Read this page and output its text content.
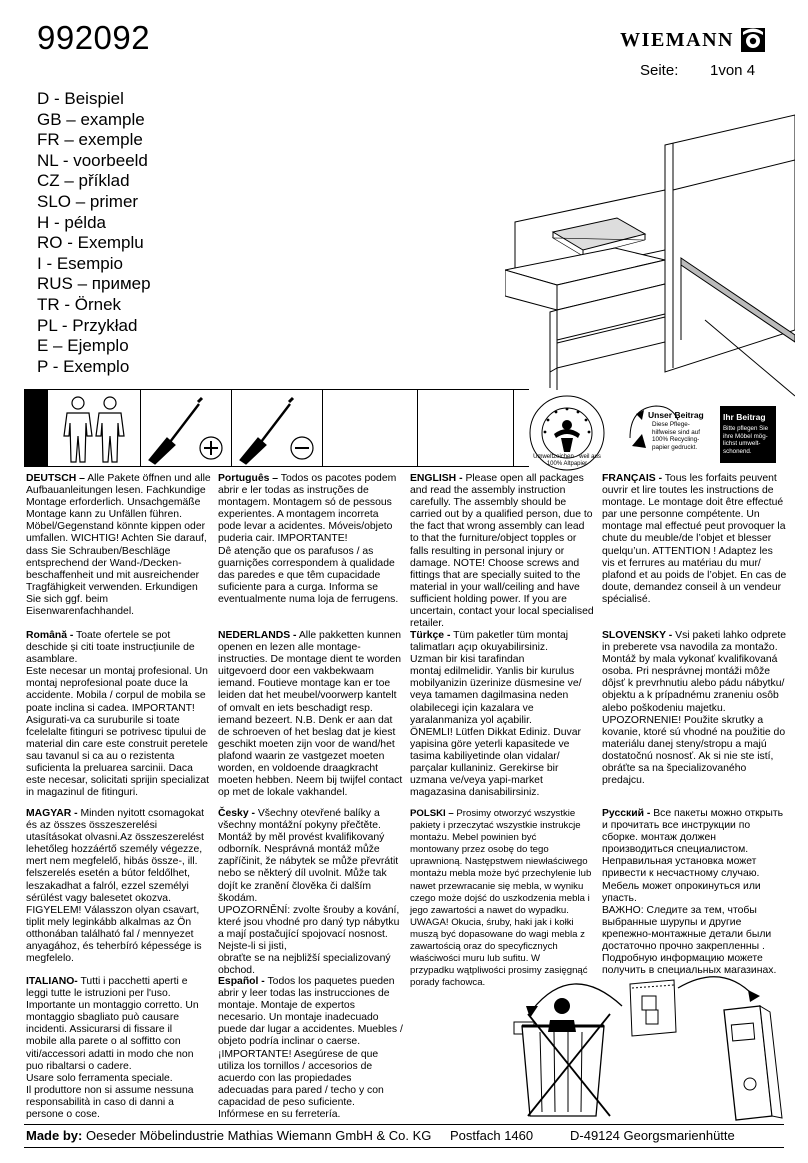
992092	WIEMANN
Seite:	1von 4
D - Beispiel
GB – example
FR – exemple
NL - voorbeeld
CZ – příklad
SLO – primer
H - példa
RO - Exemplu
I - Esempio
RUS – пример
TR - Örnek
PL - Przykład
E – Ejemplo
P - Exemplo
Umweltzeichen · weil aus 100% Altpapier
Unser Beitrag
Diese Pflege-
hilfweise sind auf
100% Recycling-
papier gedruckt.
Ihr Beitrag
Bitte pflegen Sie
ihre Möbel mög-
lichst umwelt-
schonend.
DEUTSCH – Alle Pakete öffnen und alle
Aufbauanleitungen lesen. Fachkundige
Montage erforderlich. Unsachgemäße
Montage kann zu Unfällen führen.
Möbel/Gegenstand könnte kippen oder
umfallen. WICHTIG! Achten Sie darauf,
dass Sie Schrauben/Beschläge
entsprechend der Wand-/Decken-
beschaffenheit und mit ausreichender
Tragfähigkeit verwenden. Erkundigen
Sie sich ggf. beim
Eisenwarenfachhandel.
Română - Toate ofertele se pot
deschide și citi toate instrucțiunile de
asamblare.
Este necesar un montaj profesional. Un
montaj neprofesional poate duce la
accidente. Mobila / corpul de mobila se
poate inclina si cadea. IMPORTANT!
Asigurati-va ca suruburile si toate
fcelelalte fitinguri se potrivesc tipului de
material din care este construit peretele
sau tavanul si ca au o rezistenta
suficienta la preluarea sarcinii. Daca
este necesar, solicitati sprijin specializat
in magazinul de fitinguri.
MAGYAR - Minden nyitott csomagokat
és az összes összeszerelési
utasításokat olvasni.Az összeszerelést
lehetőleg hozzáértő személy végezze,
mert nem megfelelő, hibás össze-, ill.
felszerelés esetén a bútor feldőlhet,
leszakadhat a falról, ezzel személyi
sérülést vagy balesetet okozva.
FIGYELEM! Válasszon olyan csavart,
tiplit mely leginkább alkalmas az Ön
otthonában található fal / mennyezet
anyagához, és teherbíró képessége is
megfelelo.
ITALIANO- Tutti i pacchetti aperti e
leggi tutte le istruzioni per l'uso.
Importante un montaggio corretto. Un
montaggio sbagliato può causare
incidenti. Assicurarsi di fissare il
mobile alla parete o al soffitto con
viti/accessori adatti in modo che non
puo ribaltarsi o cadere.
Usare solo ferramenta speciale.
Il produttore non si assume nessuna
responsabilità in caso di danni a
persone o cose.
Português – Todos os pacotes podem
abrir e ler todas as instruções de
montagem. Montagem só de pessous
experientes. A montagem incorreta
pode levar a acidentes. Móveis/objeto
puderia cair. IMPORTANTE!
Dê atenção que os parafusos / as
guarnições correspondem à qualidade
das paredes e que têm cupacidade
suficiente para a curga. Informa se
eventualmente numa loja de ferrugens.
NEDERLANDS - Alle pakketten kunnen
openen en lezen alle montage-
instructies. De montage dient te worden
uitgevoerd door een vakbekwaam
iemand. Foutieve montage kan er toe
leiden dat het meubel/voorwerp kantelt
of omvalt en iets beschadigt resp.
iemand bezeert. N.B. Denk er aan dat
de schroeven of het beslag dat je kiest
geschikt moeten zijn voor de wand/het
plafond waarin ze vastgezet moeten
worden, en voldoende draagkracht
moeten hebben. Neem bij twijfel contact
op met de lokale vakhandel.
Česky - Všechny otevřené balíky a
všechny montážní pokyny přečtěte.
Montáž by měl provést kvalifikovaný
odborník. Nesprávná montáž může
zapříčinit, že nábytek se může převrátit
nebo se některý díl uvolnit. Může tak
dojít ke zranění člověka či dalším
škodám.
UPOZORNĚNÍ: zvolte šrouby a kování,
které jsou vhodné pro daný typ nábytku
a mají postačující spojovací nosnost.
Nejste-li si jisti,
obraťte se na nejbližší specializovaný
obchod.
Español - Todos los paquetes pueden
abrir y leer todas las instrucciones de
montaje. Montaje de expertos
necesario. Un montaje inadecuado
puede dar lugar a accidentes. Muebles /
objeto podría inclinar o caerse.
¡IMPORTANTE! Asegúrese de que
utiliza los tornillos / accesorios de
acuerdo con las propiedades
adecuadas para pared / techo y con
capacidad de peso suficiente.
Infórmese en su ferretería.
ENGLISH - Please open all packages
and read the assembly instruction
carefully. The assembly should be
carried out by a qualified person, due to
the fact that wrong assembly can lead
to that the furniture/object topples or
falls resulting in personal injury or
damage. NOTE! Choose screws and
fittings that are specially suited to the
material in your wall/ceiling and have
sufficient holding power. If you are
uncertain, contact your local specialised
retailer.
Türkçe - Tüm paketler tüm montaj
talimatları açıp okuyabilirsiniz.
Uzman bir kisi tarafindan
montaj edilmelidir. Yanlis bir kurulus
mobilyanizin üzerinize düsmesine ve/
veya tamamen dagilmasina neden
olabilecegi için kazalara ve
yaralanmaniza yol açabilir.
ÖNEMLI! Lütfen Dikkat Ediniz. Duvar
yapisina göre yeterli kapasitede ve
tasima kabiliyetinde olan vidalar/
parçalar kullaniniz. Gerekirse bir
uzmana ve/veya yapi-market
magazasina danisabilirsiniz.
POLSKI – Prosimy otworzyć wszystkie
pakiety i przeczytać wszystkie instrukcje
montażu. Mebel powinien być
montowany przez osobę do tego
uprawnioną. Następstwem niewłaściwego
montażu mebla może być przechylenie lub
nawet przewracanie się mebla, w wyniku
czego może dojść do uszkodzenia mebla i
jego zawartości a nawet do wypadku.
UWAGA! Okucia, śruby, haki jak i kołki
muszą być dopasowane do wagi mebla z
zawartością oraz do specyficznych
właściwości muru lub sufitu. W
przypadku wątpliwości prosimy zasięgnąć
porady fachowca.
FRANÇAIS - Tous les forfaits peuvent
ouvrir et lire toutes les instructions de
montage. Le montage doit être effectué
par une personne compétente. Un
montage mal effectué peut provoquer la
chute du meuble/de l’objet et blesser
quelqu’un. ATTENTION ! Adaptez les
vis et ferrures au matériau du mur/
plafond et au poids de l’objet. En cas de
doute, demandez conseil à un vendeur
spécialisé.
SLOVENSKY - Vsi paketi lahko odprete
in preberete vsa navodila za montažo.
Montáž by mala vykonať kvalifikovaná
osoba. Pri nesprávnej montáži môže
dôjsť k prevrhnutiu alebo pádu nábytku/
objektu a k prípadnému zraneniu osôb
alebo poškodeniu majetku.
UPOZORNENIE! Použite skrutky a
kovanie, ktoré sú vhodné na použitie do
materiálu danej steny/stropu a majú
dostatočnú nosnosť. Ak si nie ste istí,
obráťte sa na špecializovaného
predajcu.
Русский - Все пакеты можно открыть
и прочитать все инструкции по
сборке. монтаж должен
производиться специалистом.
Неправильная установка может
привести к несчастному случаю.
Мебель может опрокинуться или
упасть.
ВАЖНО: Следите за тем, чтобы
выбранные шурупы и другие
крепежно-монтажные детали были
достаточно прочно закрепленны .
Подробную информацию можете
получить в специальных магазинах.
Made by: Oeseder Möbelindustrie Mathias Wiemann GmbH & Co. KG Postfach 1460	D-49124 Georgsmarienhütte
